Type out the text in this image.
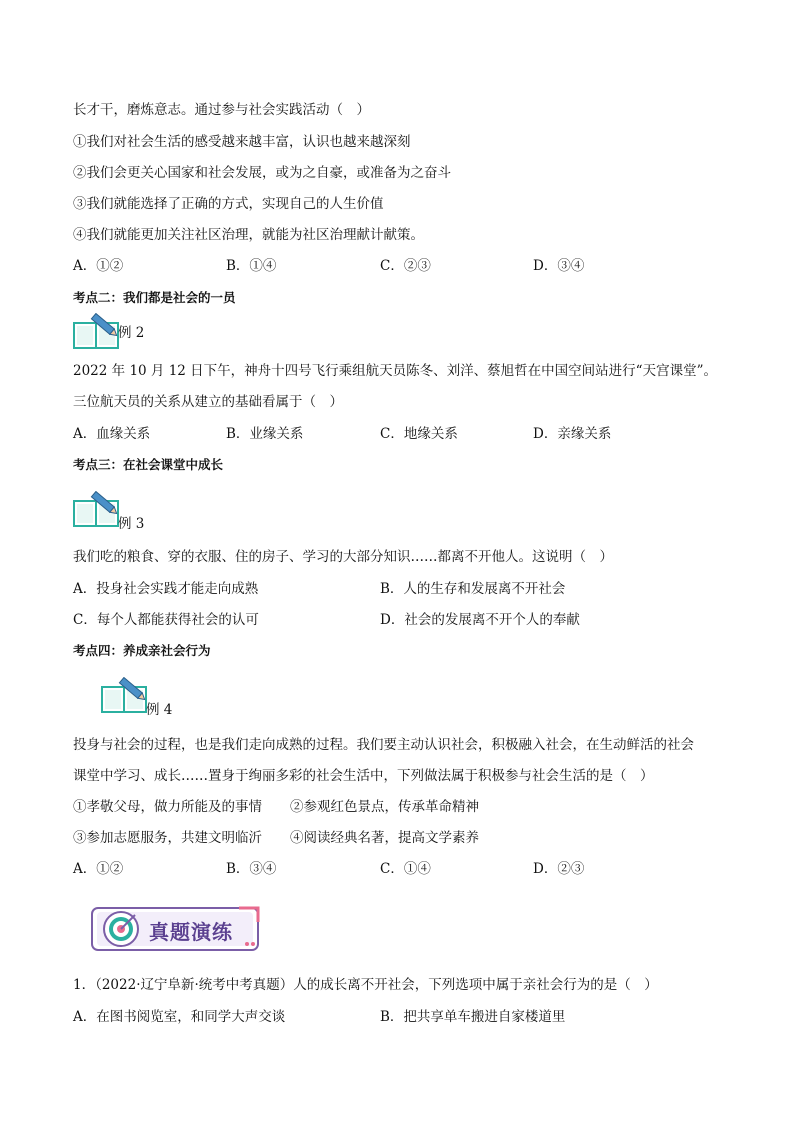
长才干，磨炼意志。通过参与社会实践活动（　）
①我们对社会生活的感受越来越丰富，认识也越来越深刻
②我们会更关心国家和社会发展，或为之自豪，或准备为之奋斗
③我们就能选择了正确的方式，实现自己的人生价值
④我们就能更加关注社区治理，就能为社区治理献计献策。
A．①②	B．①④	C．②③	D．③④
考点二：我们都是社会的一员
例 2
2022 年 10 月 12 日下午，神舟十四号飞行乘组航天员陈冬、刘洋、蔡旭哲在中国空间站进行“天宫课堂”。
三位航天员的关系从建立的基础看属于（　）
A．血缘关系	B．业缘关系	C．地缘关系	D．亲缘关系
考点三：在社会课堂中成长
例 3
我们吃的粮食、穿的衣服、住的房子、学习的大部分知识……都离不开他人。这说明（　）
A．投身社会实践才能走向成熟	B．人的生存和发展离不开社会
C．每个人都能获得社会的认可	D．社会的发展离不开个人的奉献
考点四：养成亲社会行为
例 4
投身与社会的过程，也是我们走向成熟的过程。我们要主动认识社会，积极融入社会，在生动鲜活的社会
课堂中学习、成长……置身于绚丽多彩的社会生活中，下列做法属于积极参与社会生活的是（　）
①孝敬父母，做力所能及的事情 ②参观红色景点，传承革命精神
③参加志愿服务，共建文明临沂 ④阅读经典名著，提高文学素养
A．①②	B．③④	C．①④	D．②③
真题演练
1．（2022·辽宁阜新·统考中考真题）人的成长离不开社会，下列选项中属于亲社会行为的是（　）
A．在图书阅览室，和同学大声交谈	B．把共享单车搬进自家楼道里
